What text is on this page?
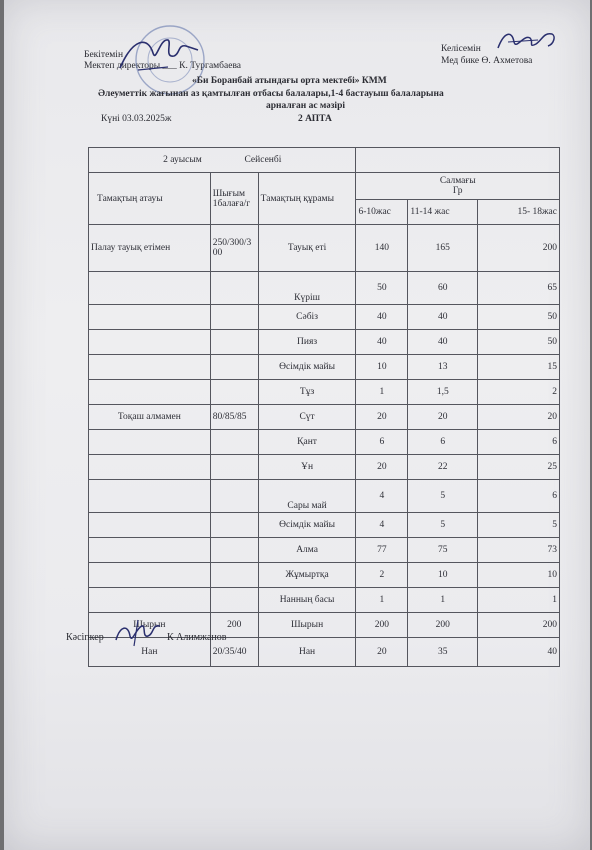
Бекітемін
Мектеп директоры ___ К. Тургамбаева
Келісемін
Мед бике Ө. Ахметова
«Би Боранбай атындағы орта мектебі» КММ
Әлеуметтік жағынан аз қамтылған отбасы балалары,1-4 бастауыш балаларына
арналған ас мәзірі
Күні 03.03.2025ж	2 АПТА
2 ауысым Сейсенбі					
Тамақтың атауы	Шығым 1балаға/г	Тамақтың құрамы	Салмағы
Гр		

			6-10жас	11-14 жас	15- 18жас
Палау тауық етімен	250/300/300	Тауық еті	140	165	200
		Күріш	50	60	65
		Сәбіз	40	40	50
		Пияз	40	40	50
		Өсімдік майы	10	13	15
		Тұз	1	1,5	2
Тоқаш алмамен	80/85/85	Сүт	20	20	20
		Қант	6	6	6
		Ұн	20	22	25
		Сары май	4	5	6
		Өсімдік майы	4	5	5
		Алма	77	75	73
		Жұмыртқа	2	10	10
		Нанның басы	1	1	1
Шырын	200	Шырын	200	200	200
Нан	20/35/40	Нан	20	35	40
Кәсіпкер	К Алимжанов
